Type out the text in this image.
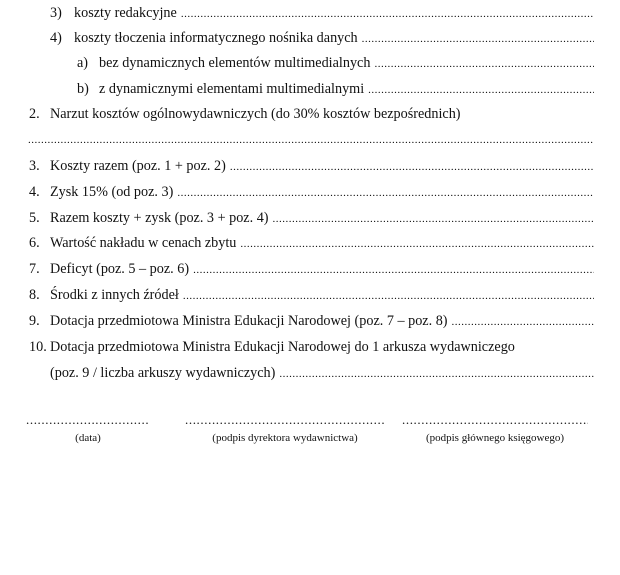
3) koszty redakcyjne
.....
4) koszty tłoczenia informatycznego nośnika danych
.....
a) bez dynamicznych elementów multimedialnych
.....
b) z dynamicznymi elementami multimedialnymi
.....
2. Narzut kosztów ogólnowydawniczych (do 30% kosztów bezpośrednich)
.....
3. Koszty razem (poz. 1 + poz. 2)
.....
4. Zysk 15% (od poz. 3)
.....
5. Razem koszty + zysk (poz. 3 + poz. 4)
.....
6. Wartość nakładu w cenach zbytu
.....
7. Deficyt (poz. 5 – poz. 6)
.....
8. Środki z innych źródeł
.....
9. Dotacja przedmiotowa Ministra Edukacji Narodowej (poz. 7 – poz. 8)
.....
10. Dotacja przedmiotowa Ministra Edukacji Narodowej do 1 arkusza wydawniczego
(poz. 9 / liczba arkuszy wydawniczych)
.....
.....
(data)
.....	(podpis dyrektora wydawnictwa)
.....	(podpis głównego księgowego)
